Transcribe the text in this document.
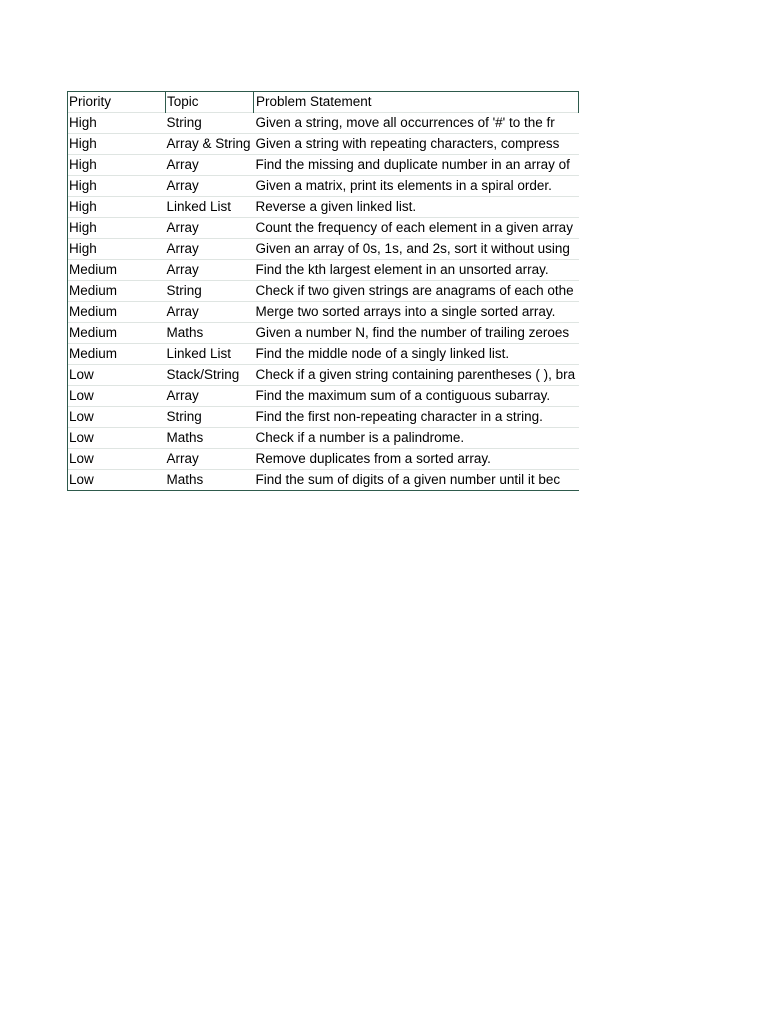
Priority	Topic	Problem Statement
High	String	Given a string, move all occurrences of '#' to the fr
High	Array & String	Given a string with repeating characters, compress
High	Array	Find the missing and duplicate number in an array of
High	Array	Given a matrix, print its elements in a spiral order.
High	Linked List	Reverse a given linked list.
High	Array	Count the frequency of each element in a given array
High	Array	Given an array of 0s, 1s, and 2s, sort it without using
Medium	Array	Find the kth largest element in an unsorted array.
Medium	String	Check if two given strings are anagrams of each othe
Medium	Array	Merge two sorted arrays into a single sorted array.
Medium	Maths	Given a number N, find the number of trailing zeroes
Medium	Linked List	Find the middle node of a singly linked list.
Low	Stack/String	Check if a given string containing parentheses ( ), bra
Low	Array	Find the maximum sum of a contiguous subarray.
Low	String	Find the first non-repeating character in a string.
Low	Maths	Check if a number is a palindrome.
Low	Array	Remove duplicates from a sorted array.
Low	Maths	Find the sum of digits of a given number until it bec
